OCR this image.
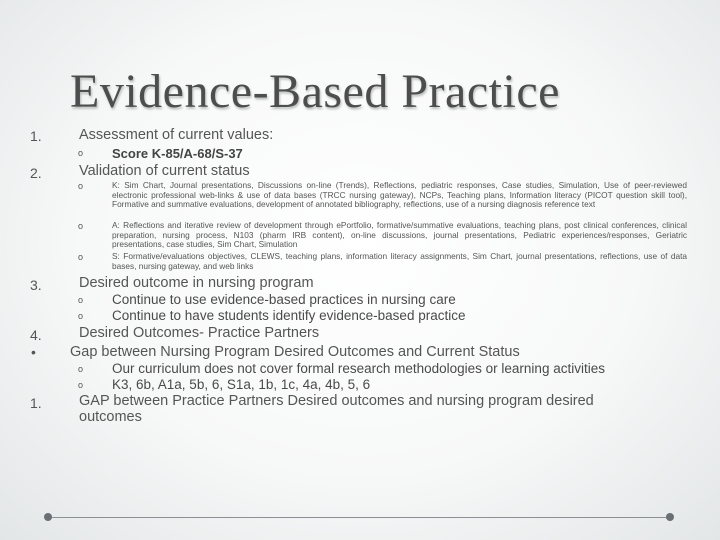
Evidence-Based Practice
1.	Assessment of current values:
o Score K-85/A-68/S-37
2.	Validation of current status
o	K: Sim Chart, Journal presentations, Discussions on-line (Trends), Reflections, pediatric responses, Case studies, Simulation, Use of peer-reviewed electronic professional web-links & use of data bases (TRCC nursing gateway), NCPs, Teaching plans, Information literacy (PICOT question skill tool), Formative and summative evaluations, development of annotated bibliography, reflections, use of a nursing diagnosis reference text
o	A: Reflections and iterative review of development through ePortfolio, formative/summative evaluations, teaching plans, post clinical conferences, clinical preparation, nursing process, N103 (pharm IRB content), on-line discussions, journal presentations, Pediatric experiences/responses, Geriatric presentations, case studies, Sim Chart, Simulation
o	S: Formative/evaluations objectives, CLEWS, teaching plans, information literacy assignments, Sim Chart, journal presentations, reflections, use of data bases, nursing gateway, and web links
3.	Desired outcome in nursing program
o Continue to use evidence-based practices in nursing care
o Continue to have students identify evidence-based practice
4.	Desired Outcomes- Practice Partners
• Gap between Nursing Program Desired Outcomes and Current Status
o Our curriculum does not cover formal research methodologies or learning activities
o K3, 6b, A1a, 5b, 6, S1a, 1b, 1c, 4a, 4b, 5, 6
1.	GAP between Practice Partners Desired outcomes and nursing program desired outcomes
